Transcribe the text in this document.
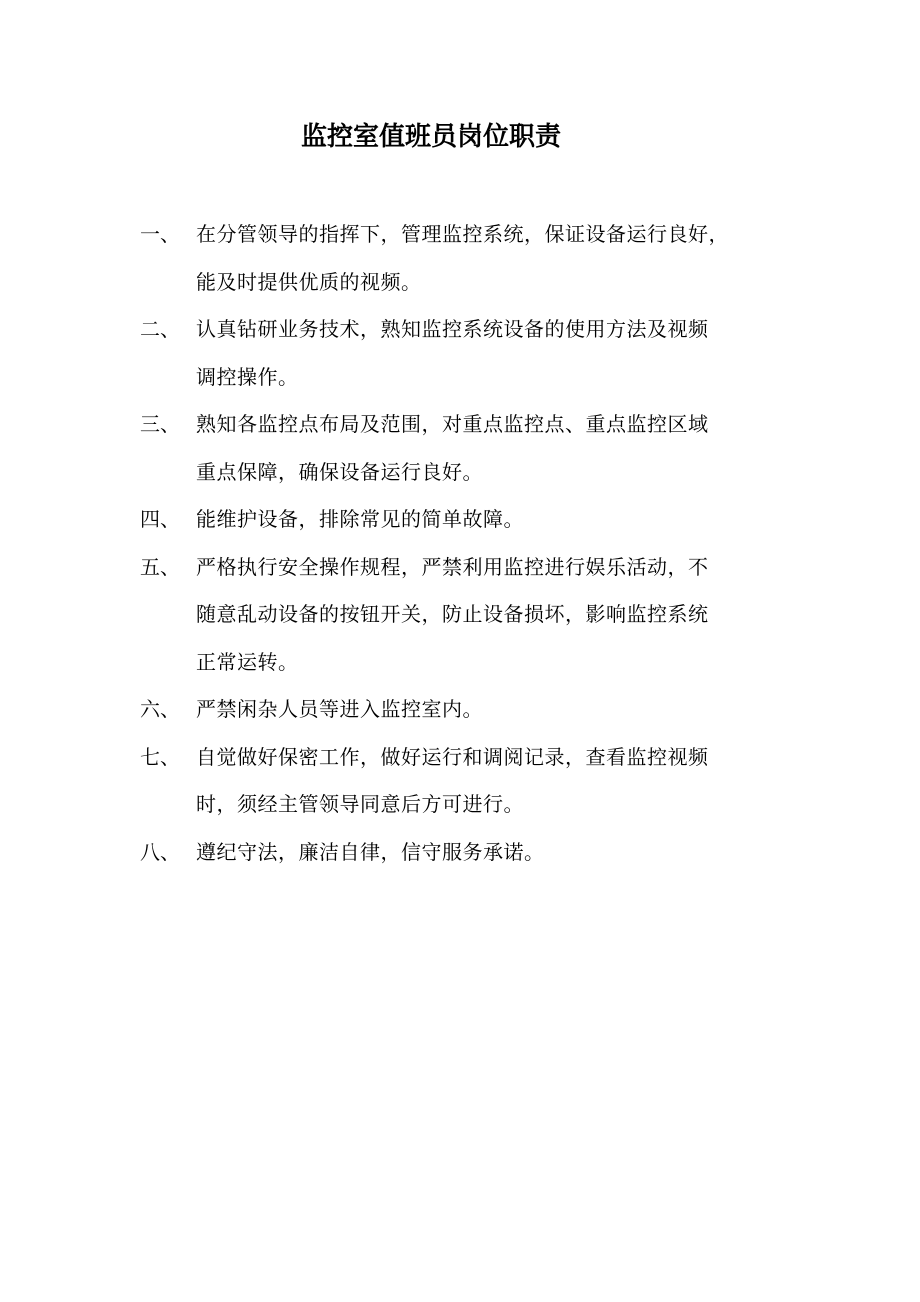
监控室值班员岗位职责
一、 在分管领导的指挥下，管理监控系统，保证设备运行良好，
能及时提供优质的视频。
二、 认真钻研业务技术，熟知监控系统设备的使用方法及视频
调控操作。
三、 熟知各监控点布局及范围，对重点监控点、重点监控区域
重点保障，确保设备运行良好。
四、 能维护设备，排除常见的简单故障。
五、 严格执行安全操作规程，严禁利用监控进行娱乐活动，不
随意乱动设备的按钮开关，防止设备损坏，影响监控系统
正常运转。
六、 严禁闲杂人员等进入监控室内。
七、 自觉做好保密工作，做好运行和调阅记录，查看监控视频
时，须经主管领导同意后方可进行。
八、 遵纪守法，廉洁自律，信守服务承诺。
